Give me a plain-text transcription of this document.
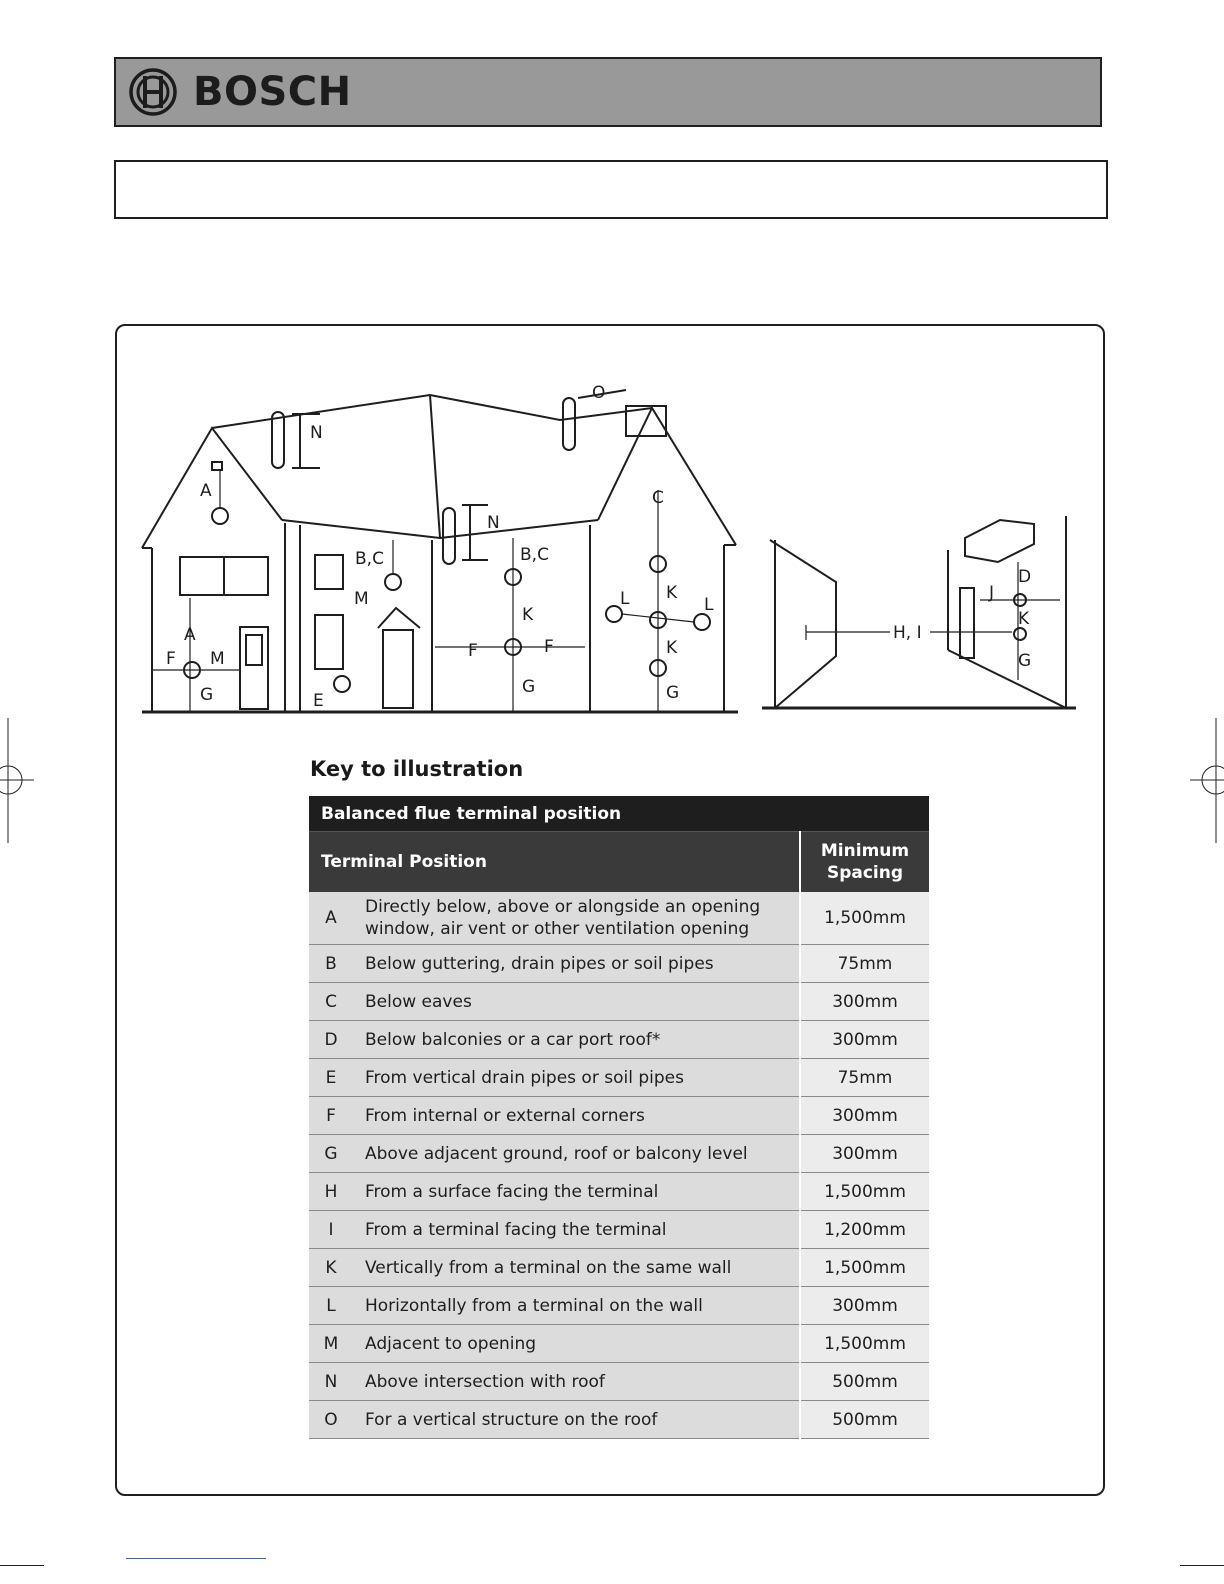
BOSCH
N
N
O
A
A
C
B,C	B,C
M
M
K
K
K
K
L	L
F	F	F
G	G	G
G
E
H, I
J
D
Key to illustration
Balanced flue terminal position		
Terminal Position		Minimum Spacing
A	Directly below, above or alongside an opening window, air vent or other ventilation opening	1,500mm
B	Below guttering, drain pipes or soil pipes	75mm
C	Below eaves	300mm
D	Below balconies or a car port roof*	300mm
E	From vertical drain pipes or soil pipes	75mm
F	From internal or external corners	300mm
G	Above adjacent ground, roof or balcony level	300mm
H	From a surface facing the terminal	1,500mm
I	From a terminal facing the terminal	1,200mm
K	Vertically from a terminal on the same wall	1,500mm
L	Horizontally from a terminal on the wall	300mm
M	Adjacent to opening	1,500mm
N	Above intersection with roof	500mm
O	For a vertical structure on the roof	500mm
